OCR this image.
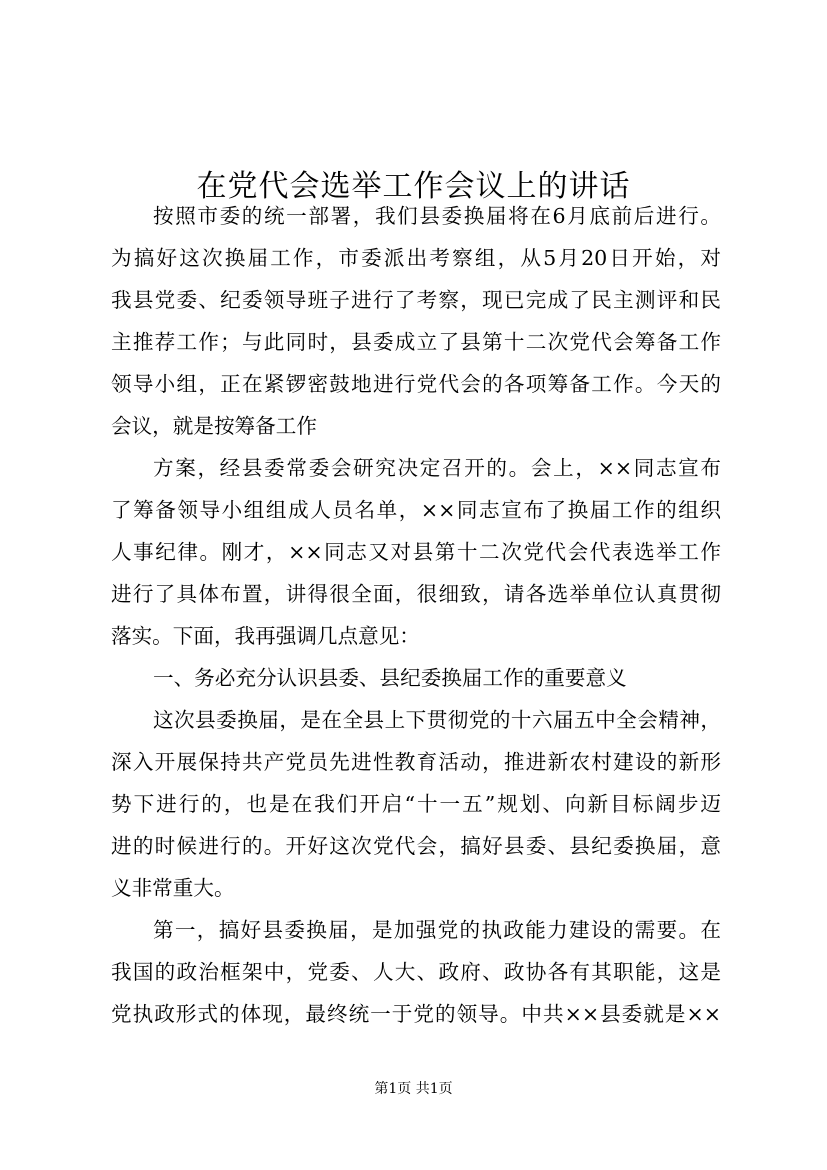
在党代会选举工作会议上的讲话
按照市委的统一部署，我们县委换届将在6月底前后进行。
为搞好这次换届工作，市委派出考察组，从5月20日开始，对
我县党委、纪委领导班子进行了考察，现已完成了民主测评和民
主推荐工作；与此同时，县委成立了县第十二次党代会筹备工作
领导小组，正在紧锣密鼓地进行党代会的各项筹备工作。今天的
会议，就是按筹备工作
方案，经县委常委会研究决定召开的。会上，××同志宣布
了筹备领导小组组成人员名单，××同志宣布了换届工作的组织
人事纪律。刚才，××同志又对县第十二次党代会代表选举工作
进行了具体布置，讲得很全面，很细致，请各选举单位认真贯彻
落实。下面，我再强调几点意见：
一、务必充分认识县委、县纪委换届工作的重要意义
这次县委换届，是在全县上下贯彻党的十六届五中全会精神，
深入开展保持共产党员先进性教育活动，推进新农村建设的新形
势下进行的，也是在我们开启“十一五”规划、向新目标阔步迈
进的时候进行的。开好这次党代会，搞好县委、县纪委换届，意
义非常重大。
第一，搞好县委换届，是加强党的执政能力建设的需要。在
我国的政治框架中，党委、人大、政府、政协各有其职能，这是
党执政形式的体现，最终统一于党的领导。中共××县委就是××
第1页 共1页
